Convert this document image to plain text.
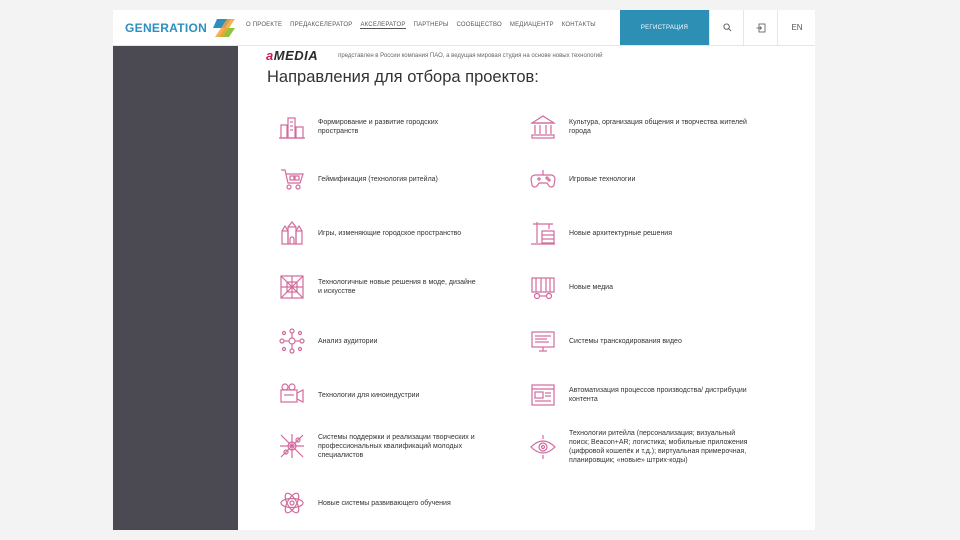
GENERATION	О ПРОЕКТЕ ПРЕДАКСЕЛЕРАТОР АКСЕЛЕРАТОР ПАРТНЕРЫ СООБЩЕСТВО МЕДИАЦЕНТР КОНТАКТЫ	РЕГИСТРАЦИЯ	EN
aMEDIA	представлен в России компания ПАО, а ведущая мировая студия на основе новых технологий
Направления для отбора проектов:
Формирование и развитие городских пространств
Геймификация (технология ритейла)
Игры, изменяющие городское пространство
Технологичные новые решения в моде, дизайне и искусстве
Анализ аудитории
Технологии для киноиндустрии
Системы поддержки и реализации творческих и профессиональных квалификаций молодых специалистов
Новые системы развивающего обучения
Культура, организация общения и творчества жителей города
Игровые технологии
Новые архитектурные решения
Новые медиа
Системы транскодирования видео
Автоматизация процессов производства/ дистрибуции контента
Технологии ритейла (персонализация; визуальный поиск; Beacon+AR; логистика; мобильные приложения (цифровой кошелёк и т.д.); виртуальная примерочная, планировщик; «новые» штрих-коды)
